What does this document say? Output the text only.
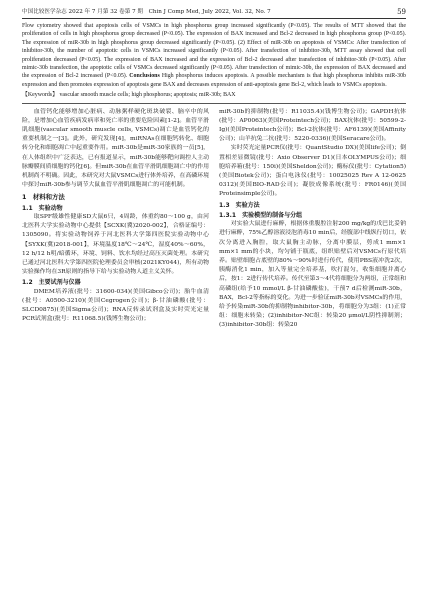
中国比较医学杂志 2022 年 7 月第 32 卷第 7 期　Chin J Comp Med, July 2022, Vol. 32, No. 7	59
Flow cytometry showed that apoptosis cells of VSMCs in high phosphorus group increased significantly (P<0.05). The results of MTT showed that the proliferation of cells in high phosphorus group decreased (P<0.05). The expression of BAX increased and Bcl-2 decreased in high phosphorus group (P<0.05). The expression of miR-30b in high phosphorus group decreased significantly (P<0.05). (2) Effect of miR-30b on apoptosis of VSMCs: After transfection of inhibitor-30b, the number of apoptotic cells in VSMCs increased significantly (P<0.05). After transfection of inhibitor-30b, MTT assay showed that cell proliferation decreased (P<0.05). The expression of BAX increased and the expression of Bcl-2 decreased after transfection of inhibitor-30b (P<0.05). After mimic-30b transfection, the apoptotic cells of VSMCs decreased significantly (P<0.05). After transfection of mimic-30b, the expression of BAX decreased and the expression of Bcl-2 increased (P<0.05). Conclusions High phosphorus induces apoptosis. A possible mechanism is that high phosphorus inhibits miR-30b expression and then promotes expression of apoptosis gene BAX and decreases expression of anti-apoptosis gene Bcl-2, which leads to VSMCs apoptosis.
【Keywords】 vascular smooth muscle cells; high phosphorus; apoptosis; miR-30b; BAX

血管钙化能够增加心脏病、动脉粥样硬化斑块破裂、脑卒中的风险，是增加心血管疾病发病率和死亡率的重要危险因素[1-2]。血管平滑肌细胞(vascular smooth muscle cells, VSMCs)凋亡是血管钙化的重要机制之一[3]。此外，研究发现[4]，miRNAs在细胞钙转化、细胞转分化和细胞凋亡中起重要作用。miR-30b是miR-30家族的一员[5]，在人体组织中广泛表达，已有报道显示，miR-30b能够靶向调控人主动脉瓣膜间质细胞的钙化[6]。但miR-30b在血管平滑肌细胞凋亡中的作用机制尚不明确。因此，本研究对大鼠VSMCs进行体外培养，在高磷环境中探讨miR-30b参与调节大鼠血管平滑肌细胞凋亡的可能机制。

1　材料和方法
1.1　实验动物

取SPF级雄性健康SD大鼠6只，4周龄，体重约80～100 g，由河北医科大学实验动物中心提供【SCXK(冀)2020-002】，合格证编号：1305090。将实验动物饲养于河北医科大学第四医院实验动物中心【SYXK(冀)2018-001】，环境温度18℃～24℃，湿度40%～60%，12 h/12 h明/暗循环，环境、饲料、饮水均经过高压灭菌处理。本研究已通过河北医科大学第四医院伦理委员会审核(2021KY044)，所有动物实验操作均在3R原则的指导下给与实验动物人道主义关怀。

1.2　主要试剂与仪器

DMEM培养液(批号：31600-034)(美国Gibco公司)；胎牛血清(批号：A0500-3210)(美国Cegrogen公司)；β-甘油磷酸(批号：SLCD0875)(美国Sigma公司)；RNA反转录试剂盒及实时荧光定量PCR试剂盒(批号：R11068.5)(钱博生物公司)；

miR-30b的抑制物(批号：R11035.4)(钱博生物公司)；GAPDH抗体(批号：AP0063)(美国Proteintech公司)；BAX抗体(批号：50599-2-Ig)(美国Proteintech公司)；Bcl-2抗体(批号：AF6139)(美国Affinity公司)；山羊抗兔二抗(批号：5220-0336)(美国Seracare公司)。

实时荧光定量PCR仪(批号：QuantStudio DX)(美国life公司)；倒置相差显微镜(批号：Axio Observer D1)(日本OLYMPUS公司)；细胞培养箱(批号：150i)(美国Sheldon公司)；酶标仪(批号：Cytation5)(美国Biotek公司)；蛋白电泳仪(批号：10025025 Rev A 12-0625 0312)(美国BIO-RAD公司)；凝胶成像系统(批号：FR0146)(美国Proteinsimple公司)。

1.3　实验方法
1.3.1　实验模型的制备与分组

对实验大鼠进行麻醉，根据体重腹腔注射200 mg/kg的戊巴比妥钠进行麻醉，75%乙醇溶液浸泡消毒10 min后，经腹部中线纵行切口，依次分离进入胸腔，取大鼠胸主动脉，分离中膜层，剪成1 mm×1 mm×1 mm的小块，均匀铺于瓶底，组织贴壁后对VSMCs行原代培养。贴壁细胞占底壁的80%～90%时进行传代，使用PBS液冲洗2次，胰酶消化1 min，加入等量完全培养基，吹打混匀，收集细胞并离心后，按1：2进行传代培养。传代至第3～4代将细胞分为两组，正常组和高磷组(给予10 mmol/L β-甘油磷酸盐)，干预7 d后检测miR-30b，BAX，Bcl-2等指标的变化。为进一步验证miR-30b对VSMCs的作用，给予转染miR-30b的抑制物inhibitor-30b，将细胞分为3组：(1)正常组：细胞未转染；(2)inhibitor-NC组：转染20 μmol/L阴性抑制剂；(3)inhibitor-30b组：转染20
